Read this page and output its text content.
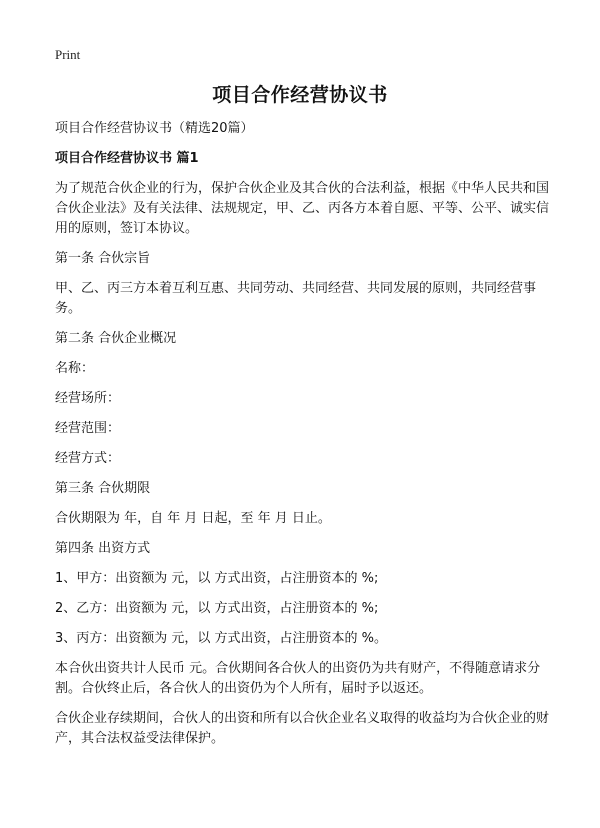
Print
项目合作经营协议书

项目合作经营协议书（精选20篇）

项目合作经营协议书 篇1

为了规范合伙企业的行为，保护合伙企业及其合伙的合法利益，根据《中华人民共和国合伙企业法》及有关法律、法规规定，甲、乙、丙各方本着自愿、平等、公平、诚实信用的原则，签订本协议。

第一条 合伙宗旨

甲、乙、丙三方本着互利互惠、共同劳动、共同经营、共同发展的原则，共同经营事务。

第二条 合伙企业概况

名称：

经营场所：

经营范围：

经营方式：

第三条 合伙期限

合伙期限为 年，自 年 月 日起，至 年 月 日止。

第四条 出资方式

1、甲方：出资额为 元，以 方式出资，占注册资本的 %;

2、乙方：出资额为 元，以 方式出资，占注册资本的 %;

3、丙方：出资额为 元，以 方式出资，占注册资本的 %。

本合伙出资共计人民币 元。合伙期间各合伙人的出资仍为共有财产，不得随意请求分割。合伙终止后，各合伙人的出资仍为个人所有，届时予以返还。

合伙企业存续期间，合伙人的出资和所有以合伙企业名义取得的收益均为合伙企业的财产，其合法权益受法律保护。
